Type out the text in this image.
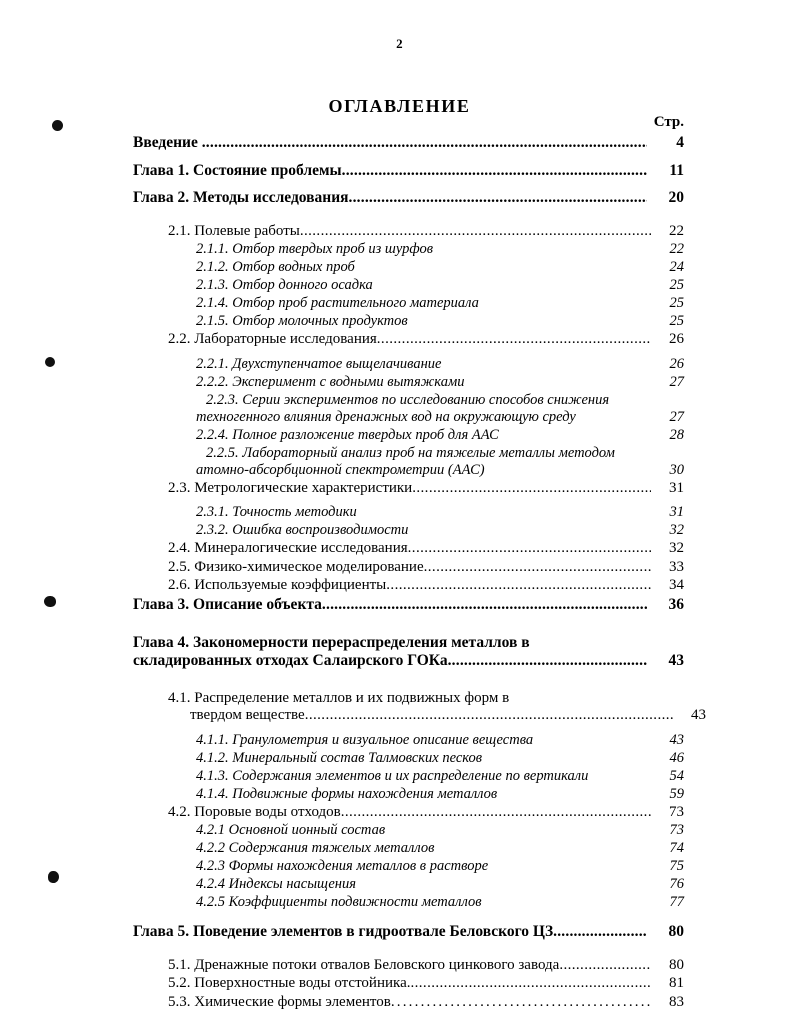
2
ОГЛАВЛЕНИЕ
Стр.
Введение .....	4
Глава 1. Состояние проблемы .....	11
Глава 2. Методы исследования .....	20
2.1. Полевые работы .....	22
2.1.1. Отбор твердых проб из шурфов	22
2.1.2. Отбор водных проб	24
2.1.3. Отбор донного осадка	25
2.1.4. Отбор проб растительного материала	25
2.1.5. Отбор молочных продуктов	25
2.2. Лабораторные исследования .....	26
2.2.1. Двухступенчатое выщелачивание	26
2.2.2. Эксперимент с водными вытяжками	27
2.2.3. Серии экспериментов по исследованию способов снижения
техногенного влияния дренажных вод на окружающую среду	27
2.2.4. Полное разложение твердых проб для ААС	28
2.2.5. Лабораторный анализ проб на тяжелые металлы методом
атомно-абсорбционной спектрометрии (ААС)	30
2.3. Метрологические характеристики .....	31
2.3.1. Точность методики	31
2.3.2. Ошибка воспроизводимости	32
2.4. Минералогические исследования .....	32
2.5. Физико-химическое моделирование .....	33
2.6. Используемые коэффициенты .....	34
Глава 3. Описание объекта .....	36
Глава 4. Закономерности перераспределения металлов в
складированных отходах Салаирского ГОКа .....	43
4.1. Распределение металлов и их подвижных форм в
твердом веществе .....	43
4.1.1. Гранулометрия и визуальное описание вещества	43
4.1.2. Минеральный состав Талмовских песков	46
4.1.3. Содержания элементов и их распределение по вертикали	54
4.1.4. Подвижные формы нахождения металлов	59
4.2. Поровые воды отходов .....	73
4.2.1 Основной ионный состав	73
4.2.2 Содержания тяжелых металлов	74
4.2.3 Формы нахождения металлов в растворе	75
4.2.4 Индексы насыщения	76
4.2.5 Коэффициенты подвижности металлов	77
Глава 5. Поведение элементов в гидроотвале Беловского ЦЗ .....	80
5.1. Дренажные потоки отвалов Беловского цинкового завода .....	80
5.2. Поверхностные воды отстойника. .....	81
5.3. Химические формы элементов .....	83
